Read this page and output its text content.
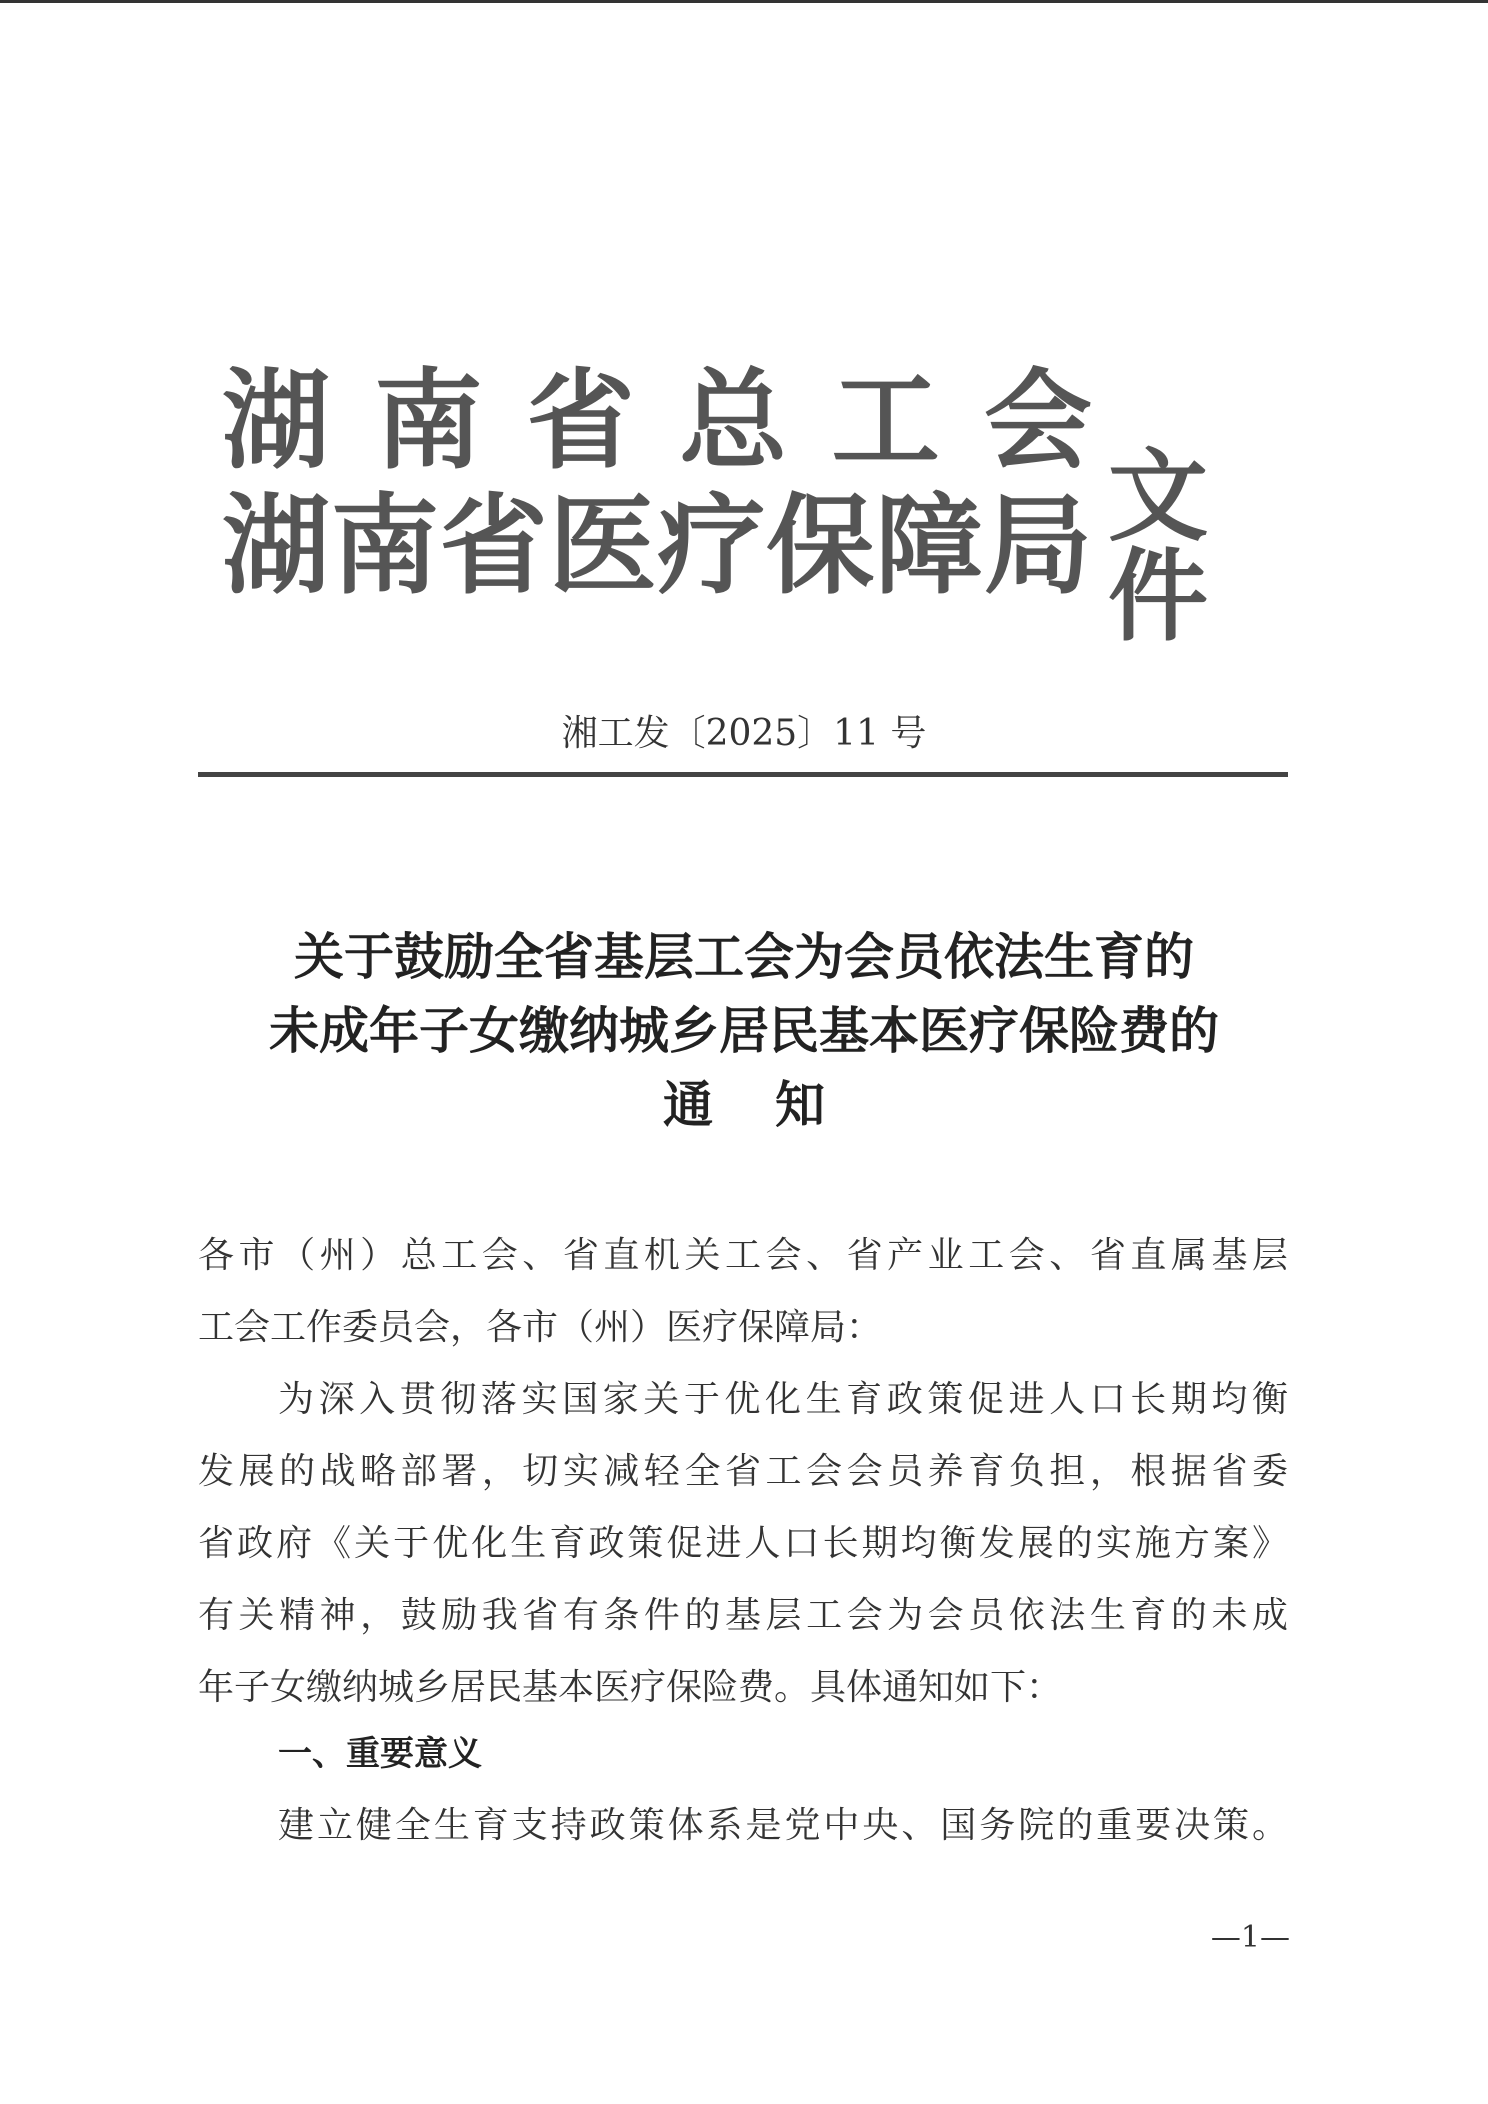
湖 南 省 总 工 会
湖 南 省 医 疗 保 障 局 文件
湘工发〔2025〕11 号
关于鼓励全省基层工会为会员依法生育的
未成年子女缴纳城乡居民基本医疗保险费的
通知
各市（州）总工会、省直机关工会、省产业工会、省直属基层
工会工作委员会，各市（州）医疗保障局：
为深入贯彻落实国家关于优化生育政策促进人口长期均衡
发展的战略部署，切实减轻全省工会会员养育负担，根据省委
省政府《关于优化生育政策促进人口长期均衡发展的实施方案》
有关精神，鼓励我省有条件的基层工会为会员依法生育的未成
年子女缴纳城乡居民基本医疗保险费。具体通知如下：
一、重要意义
建立健全生育支持政策体系是党中央、国务院的重要决策。
—1—
